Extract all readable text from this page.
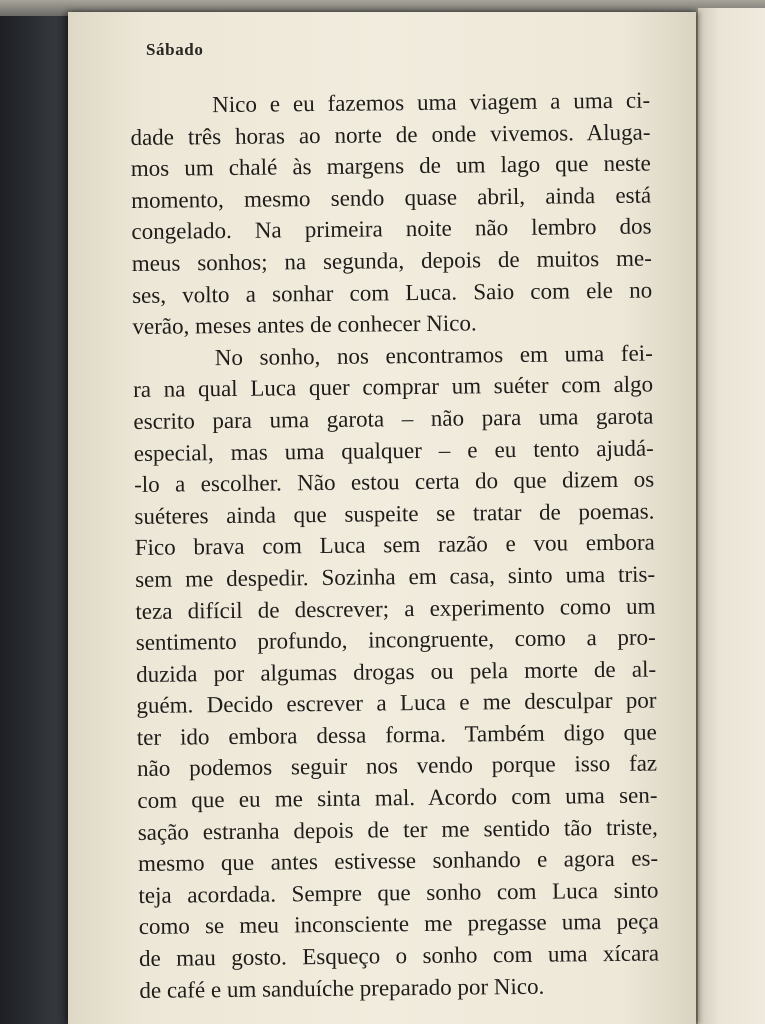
Sábado
Nico e eu fazemos uma viagem a uma ci-
dade três horas ao norte de onde vivemos. Aluga-
mos um chalé às margens de um lago que neste
momento, mesmo sendo quase abril, ainda está
congelado. Na primeira noite não lembro dos
meus sonhos; na segunda, depois de muitos me-
ses, volto a sonhar com Luca. Saio com ele no
verão, meses antes de conhecer Nico.
No sonho, nos encontramos em uma fei-
ra na qual Luca quer comprar um suéter com algo
escrito para uma garota – não para uma garota
especial, mas uma qualquer – e eu tento ajudá-
-lo a escolher. Não estou certa do que dizem os
suéteres ainda que suspeite se tratar de poemas.
Fico brava com Luca sem razão e vou embora
sem me despedir. Sozinha em casa, sinto uma tris-
teza difícil de descrever; a experimento como um
sentimento profundo, incongruente, como a pro-
duzida por algumas drogas ou pela morte de al-
guém. Decido escrever a Luca e me desculpar por
ter ido embora dessa forma. Também digo que
não podemos seguir nos vendo porque isso faz
com que eu me sinta mal. Acordo com uma sen-
sação estranha depois de ter me sentido tão triste,
mesmo que antes estivesse sonhando e agora es-
teja acordada. Sempre que sonho com Luca sinto
como se meu inconsciente me pregasse uma peça
de mau gosto. Esqueço o sonho com uma xícara
de café e um sanduíche preparado por Nico.
